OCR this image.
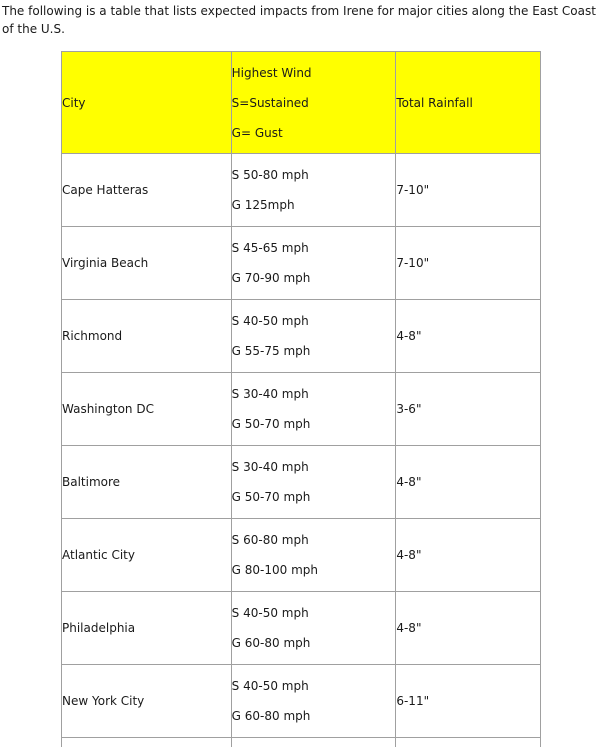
The following is a table that lists expected impacts from Irene for major cities along the East Coast of the U.S.
City	Highest Wind
S=Sustained
G= Gust	Total Rainfall

Cape Hatteras	S 50-80 mph
G 125mph	7-10"

Virginia Beach	S 45-65 mph
G 70-90 mph	7-10"

Richmond	S 40-50 mph
G 55-75 mph	4-8"

Washington DC	S 30-40 mph
G 50-70 mph	3-6"

Baltimore	S 30-40 mph
G 50-70 mph	4-8"

Atlantic City	S 60-80 mph
G 80-100 mph	4-8"

Philadelphia	S 40-50 mph
G 60-80 mph	4-8"

New York City	S 40-50 mph
G 60-80 mph	6-11"
